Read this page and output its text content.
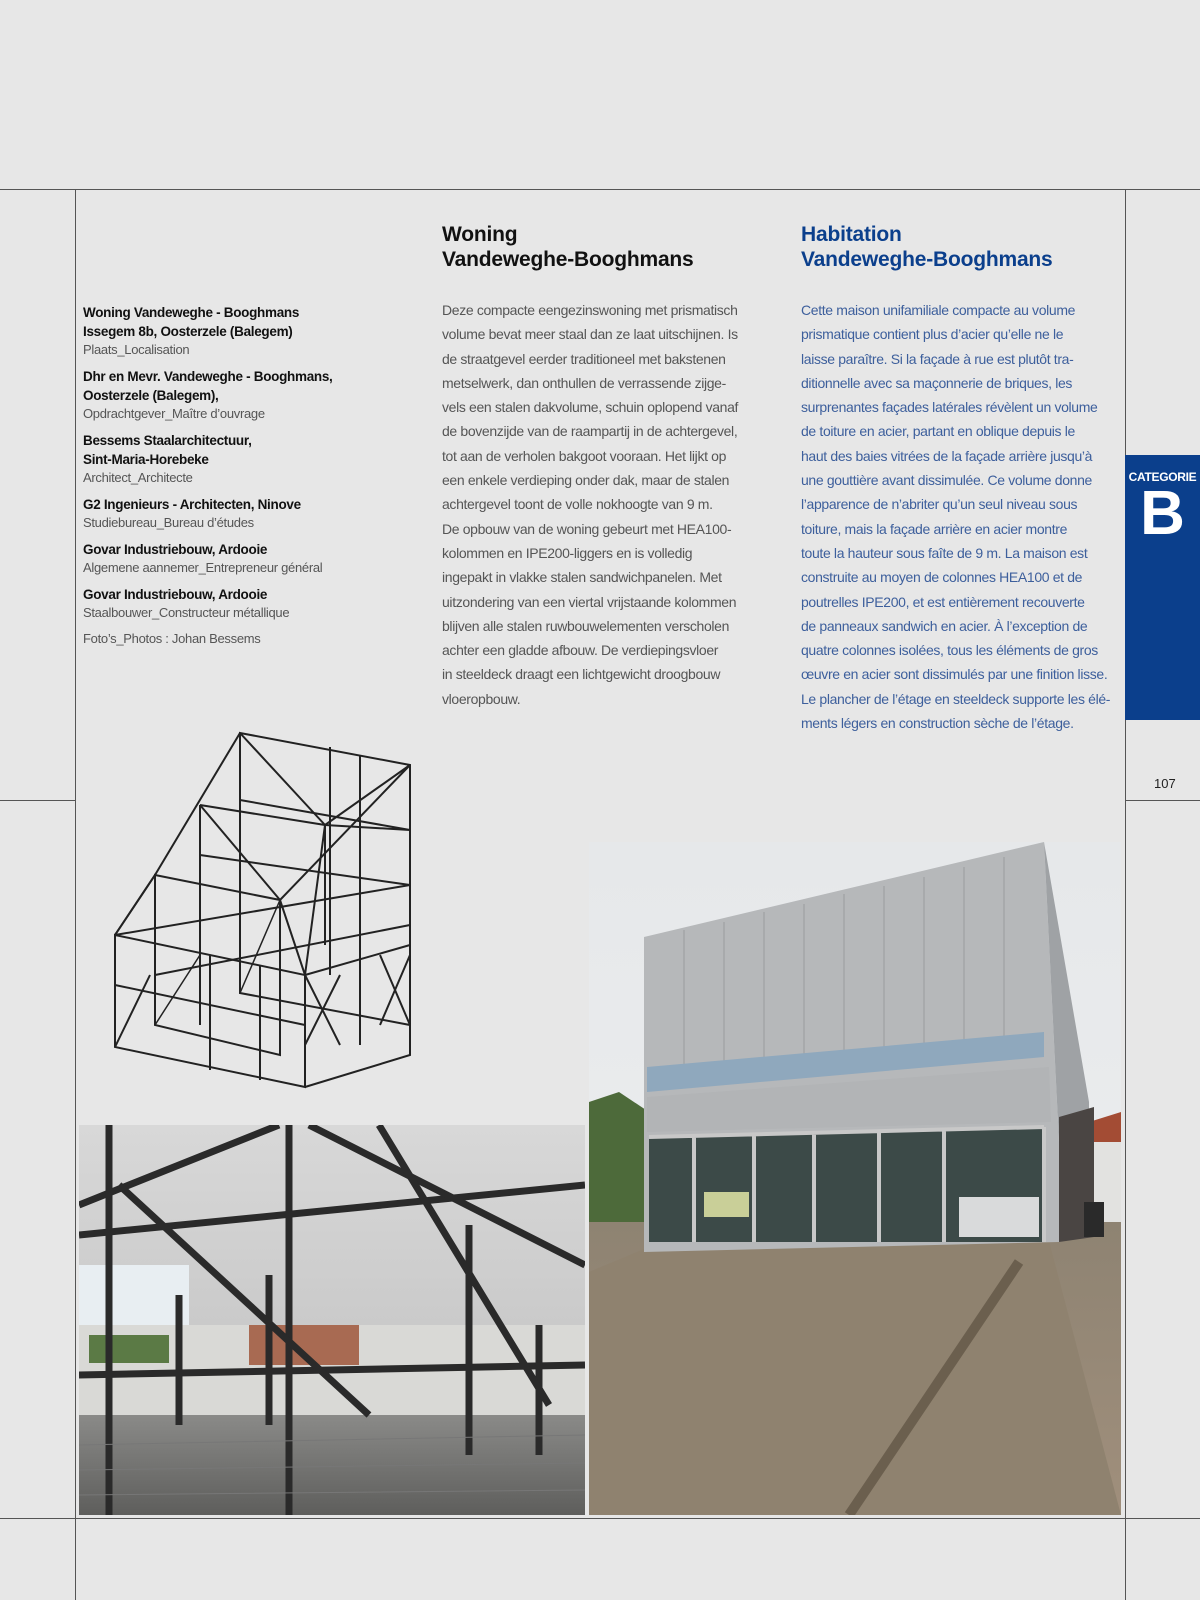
Woning
Vandeweghe-Booghmans
Habitation
Vandeweghe-Booghmans
Deze compacte eengezinswoning met prismatisch
volume bevat meer staal dan ze laat uitschijnen. Is
de straatgevel eerder traditioneel met bakstenen
metselwerk, dan onthullen de verrassende zijge-
vels een stalen dakvolume, schuin oplopend vanaf
de bovenzijde van de raampartij in de achtergevel,
tot aan de verholen bakgoot vooraan. Het lijkt op
een enkele verdieping onder dak, maar de stalen
achtergevel toont de volle nokhoogte van 9 m.
De opbouw van de woning gebeurt met HEA100-
kolommen en IPE200-liggers en is volledig
ingepakt in vlakke stalen sandwichpanelen. Met
uitzondering van een viertal vrijstaande kolommen
blijven alle stalen ruwbouwelementen verscholen
achter een gladde afbouw. De verdiepingsvloer
in steeldeck draagt een lichtgewicht droogbouw
vloeropbouw.
Cette maison unifamiliale compacte au volume
prismatique contient plus d’acier qu’elle ne le
laisse paraître. Si la façade à rue est plutôt tra-
ditionnelle avec sa maçonnerie de briques, les
surprenantes façades latérales révèlent un volume
de toiture en acier, partant en oblique depuis le
haut des baies vitrées de la façade arrière jusqu’à
une gouttière avant dissimulée. Ce volume donne
l’apparence de n’abriter qu’un seul niveau sous
toiture, mais la façade arrière en acier montre
toute la hauteur sous faîte de 9 m. La maison est
construite au moyen de colonnes HEA100 et de
poutrelles IPE200, et est entièrement recouverte
de panneaux sandwich en acier. À l’exception de
quatre colonnes isolées, tous les éléments de gros
œuvre en acier sont dissimulés par une finition lisse.
Le plancher de l’étage en steeldeck supporte les élé-
ments légers en construction sèche de l’étage.
Woning Vandeweghe - Booghmans
Issegem 8b, Oosterzele (Balegem)
Plaats_Localisation
Dhr en Mevr. Vandeweghe - Booghmans,
Oosterzele (Balegem),
Opdrachtgever_Maître d’ouvrage
Bessems Staalarchitectuur,
Sint-Maria-Horebeke
Architect_Architecte
G2 Ingenieurs - Architecten, Ninove
Studiebureau_Bureau d’études
Govar Industriebouw, Ardooie
Algemene aannemer_Entrepreneur général
Govar Industriebouw, Ardooie
Staalbouwer_Constructeur métallique
Foto’s_Photos : Johan Bessems
CATEGORIE
B
107
